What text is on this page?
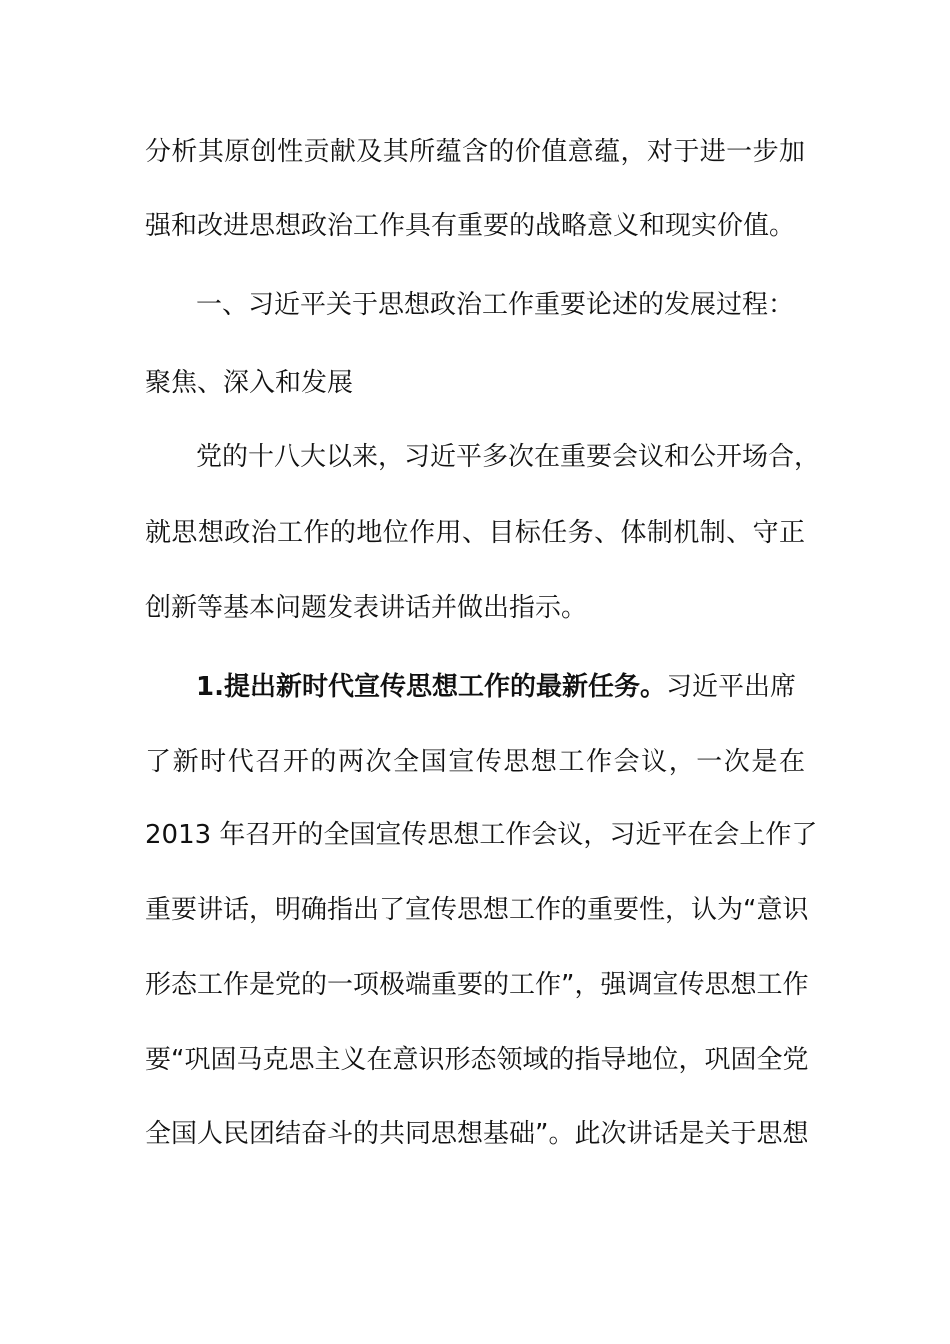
分析其原创性贡献及其所蕴含的价值意蕴，对于进一步加

强和改进思想政治工作具有重要的战略意义和现实价值。

一、习近平关于思想政治工作重要论述的发展过程：

聚焦、深入和发展

党的十八大以来，习近平多次在重要会议和公开场合，

就思想政治工作的地位作用、目标任务、体制机制、守正

创新等基本问题发表讲话并做出指示。

1.提出新时代宣传思想工作的最新任务。习近平出席

了新时代召开的两次全国宣传思想工作会议，一次是在

2013 年召开的全国宣传思想工作会议，习近平在会上作了

重要讲话，明确指出了宣传思想工作的重要性，认为“意识

形态工作是党的一项极端重要的工作”，强调宣传思想工作

要“巩固马克思主义在意识形态领域的指导地位，巩固全党

全国人民团结奋斗的共同思想基础”。此次讲话是关于思想
